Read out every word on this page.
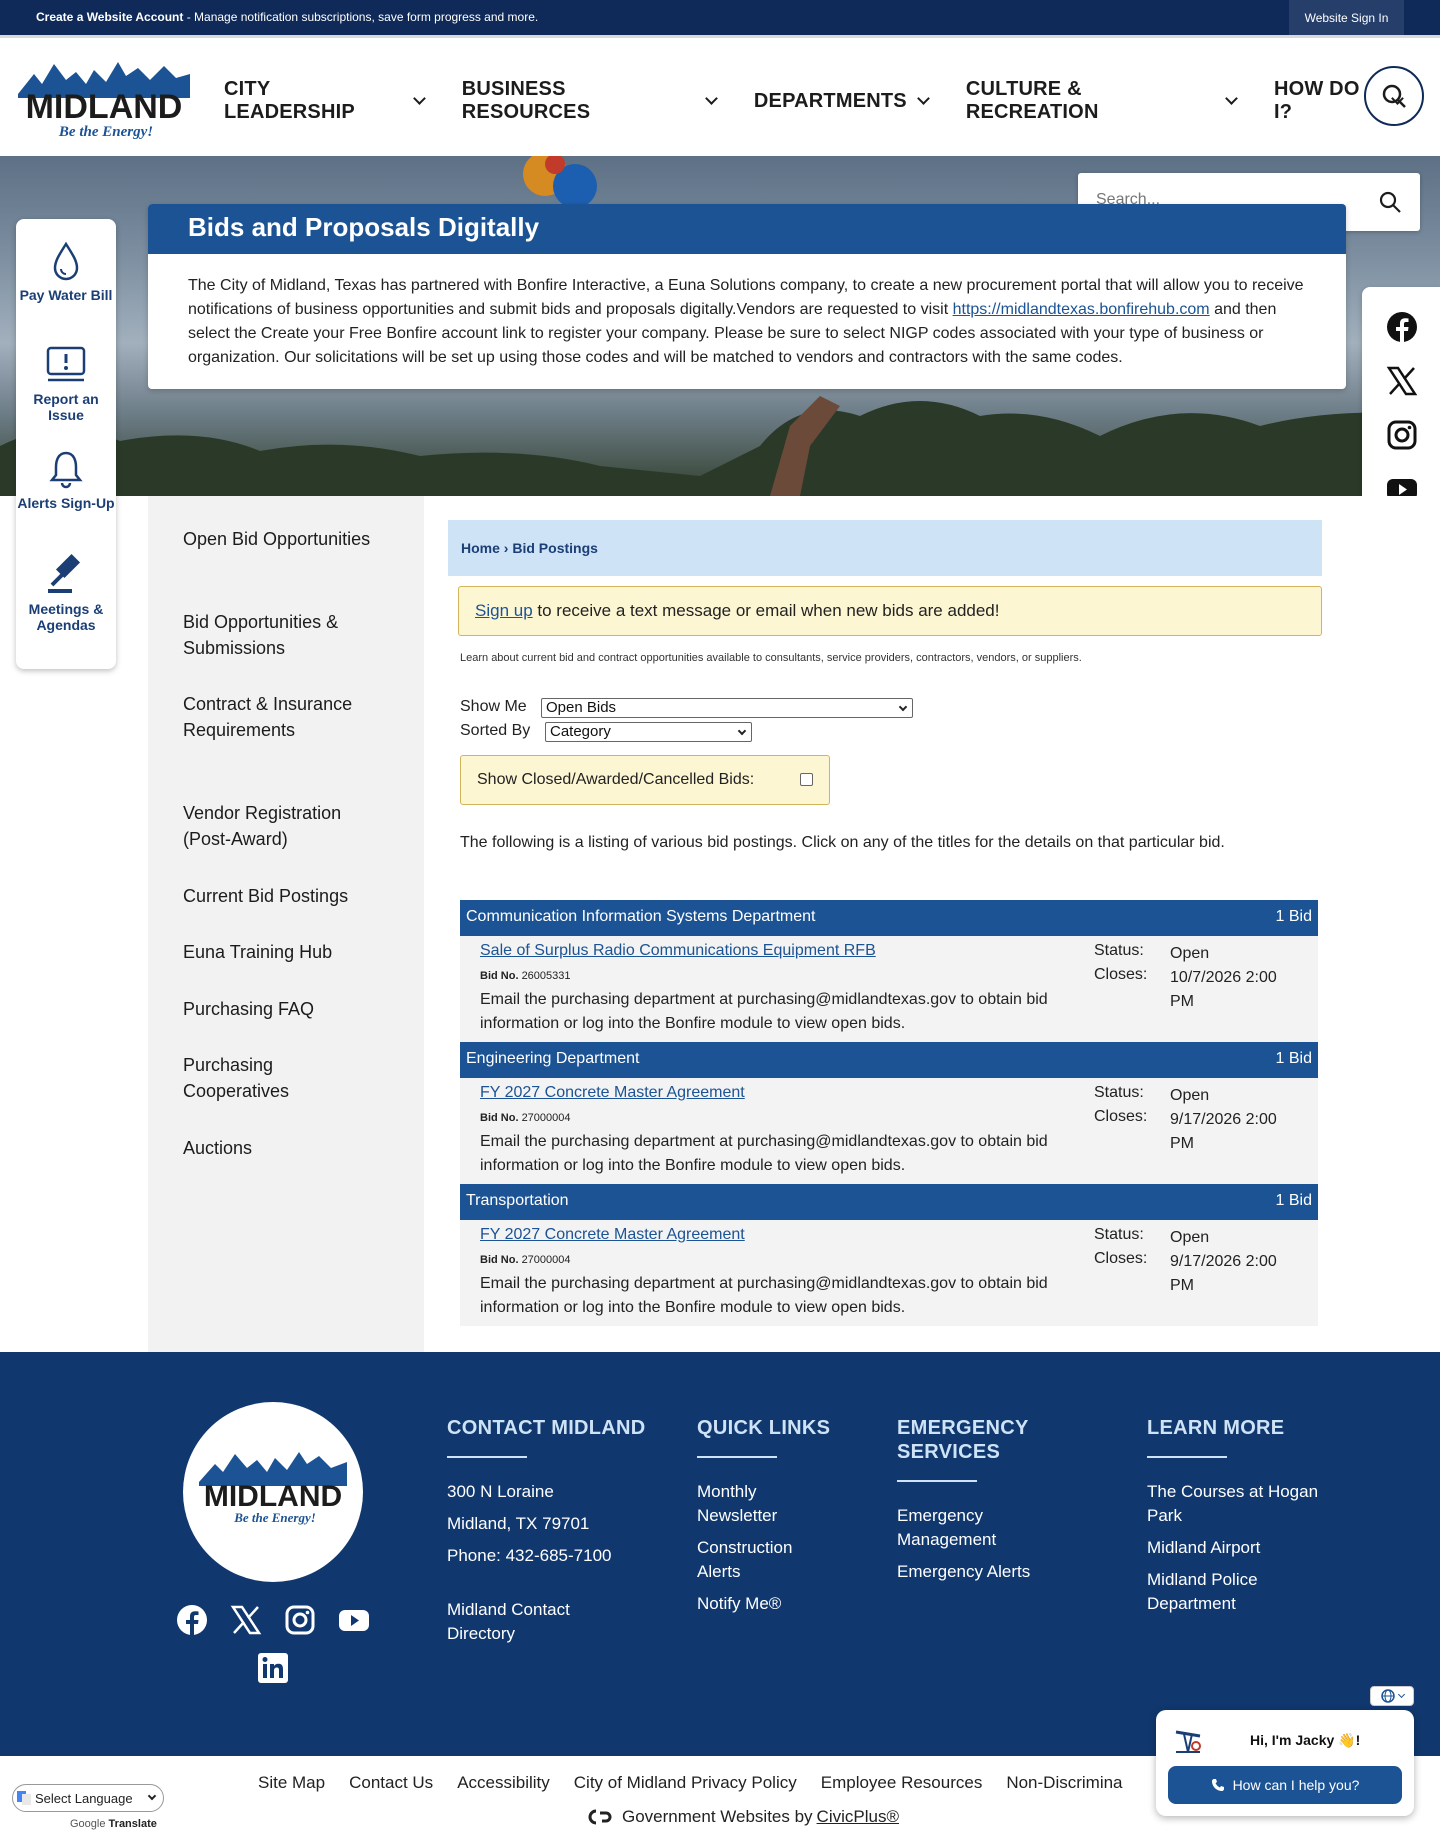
Create a Website Account - Manage notification subscriptions, save form progress and more.	Website Sign In
MIDLAND
Be the Energy!
CITY LEADERSHIP
BUSINESS RESOURCES
DEPARTMENTS
CULTURE & RECREATION
HOW DO I?
Search...
Bids and Proposals Digitally
The City of Midland, Texas has partnered with Bonfire Interactive, a Euna Solutions company, to create a new procurement portal that will allow you to receive notifications of business opportunities and submit bids and proposals digitally.Vendors are requested to visit https://midlandtexas.bonfirehub.com and then select the Create your Free Bonfire account link to register your company. Please be sure to select NIGP codes associated with your type of business or organization. Our solicitations will be set up using those codes and will be matched to vendors and contractors with the same codes.
Pay Water Bill
Report an Issue
Alerts Sign-Up
Meetings & Agendas
Open Bid Opportunities
Bid Opportunities & Submissions
Contract & Insurance Requirements
Vendor Registration (Post-Award)
Current Bid Postings
Euna Training Hub
Purchasing FAQ
Purchasing Cooperatives
Auctions
Home › Bid Postings
Sign up to receive a text message or email when new bids are added!
Learn about current bid and contract opportunities available to consultants, service providers, contractors, vendors, or suppliers.
Show Me	Open Bids
Sorted By	Category
Show Closed/Awarded/Cancelled Bids:
The following is a listing of various bid postings. Click on any of the titles for the details on that particular bid.
Communication Information Systems Department	1 Bid
Sale of Surplus Radio Communications Equipment RFB
Bid No. 26005331
Email the purchasing department at purchasing@midlandtexas.gov to obtain bid information or log into the Bonfire module to view open bids.
Status: Open
Closes: 10/7/2026 2:00 PM
Engineering Department	1 Bid
FY 2027 Concrete Master Agreement
Bid No. 27000004
Email the purchasing department at purchasing@midlandtexas.gov to obtain bid information or log into the Bonfire module to view open bids.
Status: Open
Closes: 9/17/2026 2:00 PM
Transportation	1 Bid
FY 2027 Concrete Master Agreement
Bid No. 27000004
Email the purchasing department at purchasing@midlandtexas.gov to obtain bid information or log into the Bonfire module to view open bids.
Status: Open
Closes: 9/17/2026 2:00 PM
MIDLAND
Be the Energy!
CONTACT MIDLAND
300 N Loraine
Midland, TX 79701
Phone: 432-685-7100
Midland Contact Directory
QUICK LINKS
Monthly Newsletter
Construction Alerts
Notify Me®
EMERGENCY SERVICES
Emergency Management
Emergency Alerts
LEARN MORE
The Courses at Hogan Park
Midland Airport
Midland Police Department
Site Map Contact Us Accessibility City of Midland Privacy Policy Employee Resources Non-Discrimina
Government Websites by CivicPlus®
Select Language
Google Translate
Hi, I'm Jacky 👋!
How can I help you?
